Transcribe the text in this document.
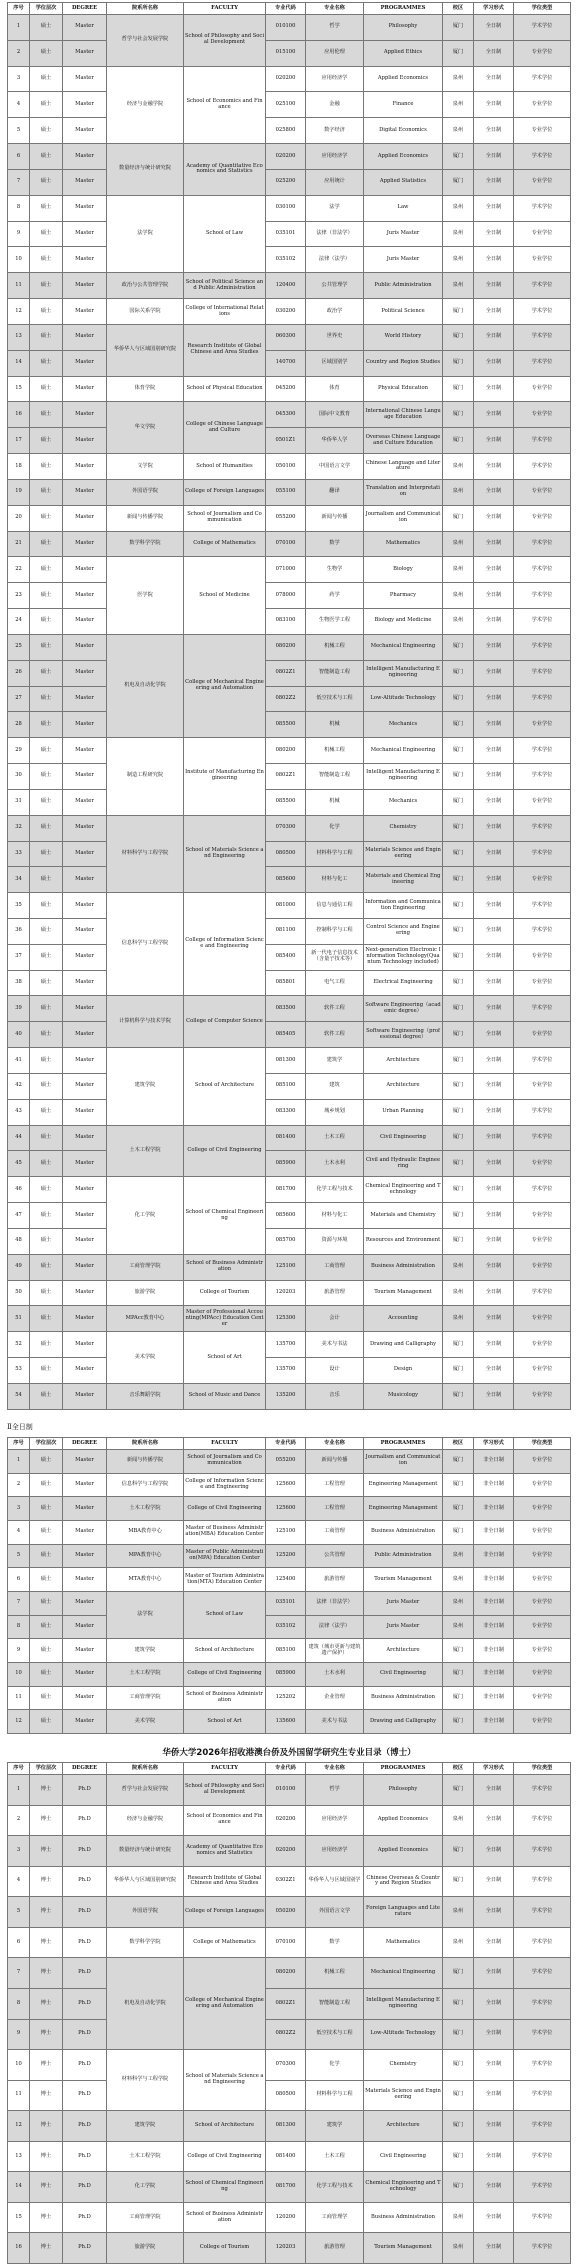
序号	学位层次	DEGREE	院系所名称	FACULTY	专业代码	专业名称	PROGRAMMES	校区	学习形式	学位类型
1	硕士	Master	哲学与社会发展学院	School of Philosophy and Social Development	010100	哲学	Philosophy	厦门	全日制	学术学位
2	硕士	Master			015100	应用伦理	Applied Ethics	厦门	全日制	专业学位
3	硕士	Master	经济与金融学院	School of Economics and Finance	020200	应用经济学	Applied Economics	泉州	全日制	学术学位
4	硕士	Master			025100	金融	Finance	泉州	全日制	专业学位
5	硕士	Master			025800	数字经济	Digital Economics	泉州	全日制	专业学位
6	硕士	Master	数量经济与统计研究院	Academy of Quantitative Economics and Statistics	020200	应用经济学	Applied Economics	厦门	全日制	学术学位
7	硕士	Master			025200	应用统计	Applied Statistics	厦门	全日制	专业学位
8	硕士	Master	法学院	School of Law	030100	法学	Law	泉州	全日制	学术学位
9	硕士	Master			035101	法律（非法学）	Juris Master	泉州	全日制	专业学位
10	硕士	Master			035102	法律（法学）	Juris Master	泉州	全日制	专业学位
11	硕士	Master	政治与公共管理学院	School of Political Science and Public Administration	120400	公共管理学	Public Administration	泉州	全日制	学术学位
12	硕士	Master	国际关系学院	College of International Relations	030200	政治学	Political Science	厦门	全日制	学术学位
13	硕士	Master	华侨华人与区域国别研究院	Research Institute of Global Chinese and Area Studies	060300	世界史	World History	厦门	全日制	学术学位
14	硕士	Master			140700	区域国别学	Country and Region Studies	厦门	全日制	学术学位
15	硕士	Master	体育学院	School of Physical Education	045200	体育	Physical Education	厦门	全日制	专业学位
16	硕士	Master	华文学院	College of Chinese Language and Culture	045300	国际中文教育	International Chinese Language Education	厦门	全日制	专业学位
17	硕士	Master			0501Z1	华侨华人学	Overseas Chinese Language and Culture Education	厦门	全日制	学术学位
18	硕士	Master	文学院	School of Humanities	050100	中国语言文学	Chinese Language and Literature	泉州	全日制	学术学位
19	硕士	Master	外国语学院	College of Foreign Languages	055100	翻译	Translation and Interpretation	泉州	全日制	专业学位
20	硕士	Master	新闻与传播学院	School of Journalism and Communication	055200	新闻与传播	Journalism and Communication	厦门	全日制	专业学位
21	硕士	Master	数学科学学院	College of Mathematics	070100	数学	Mathematics	泉州	全日制	学术学位
22	硕士	Master	医学院	School of Medicine	071000	生物学	Biology	泉州	全日制	学术学位
23	硕士	Master			078000	药学	Pharmacy	泉州	全日制	学术学位
24	硕士	Master			083100	生物医学工程	Biology and Medicine	泉州	全日制	学术学位
25	硕士	Master	机电及自动化学院	College of Mechanical Engineering and Automation	080200	机械工程	Mechanical Engineering	厦门	全日制	学术学位
26	硕士	Master			0802Z1	智能制造工程	Intelligent Manufacturing Engineering	厦门	全日制	学术学位
27	硕士	Master			0802Z2	低空技术与工程	Low-Altitude Technology	厦门	全日制	学术学位
28	硕士	Master			085500	机械	Mechanics	厦门	全日制	专业学位
29	硕士	Master	制造工程研究院	Institute of Manufacturing Engineering	080200	机械工程	Mechanical Engineering	厦门	全日制	学术学位
30	硕士	Master			0802Z1	智能制造工程	Intelligent Manufacturing Engineering	厦门	全日制	学术学位
31	硕士	Master			085500	机械	Mechanics	厦门	全日制	专业学位
32	硕士	Master	材料科学与工程学院	School of Materials Science and Engineering	070300	化学	Chemistry	厦门	全日制	学术学位
33	硕士	Master			080500	材料科学与工程	Materials Science and Engineering	厦门	全日制	学术学位
34	硕士	Master			085600	材料与化工	Materials and Chemical Engineering	厦门	全日制	专业学位
35	硕士	Master	信息科学与工程学院	College of Information Science and Engineering	081000	信息与通信工程	Information and Communication Engineering	厦门	全日制	学术学位
36	硕士	Master			081100	控制科学与工程	Control Science and Engineering	厦门	全日制	学术学位
37	硕士	Master			085400	新一代电子信息技术（含量子技术等）	Next-generation Electronic Information Technology(Quantum Technology included)	厦门	全日制	专业学位
38	硕士	Master			085801	电气工程	Electrical Engineering	厦门	全日制	专业学位
39	硕士	Master	计算机科学与技术学院	College of Computer Science	083500	软件工程	Software Engineering（academic degree）	厦门	全日制	学术学位
40	硕士	Master			085405	软件工程	Software Engineering（professional degree）	厦门	全日制	专业学位
41	硕士	Master	建筑学院	School of Architecture	081300	建筑学	Architecture	厦门	全日制	学术学位
42	硕士	Master			085100	建筑	Architecture	厦门	全日制	专业学位
43	硕士	Master			083300	城乡规划	Urban Planning	厦门	全日制	学术学位
44	硕士	Master	土木工程学院	College of Civil Engineering	081400	土木工程	Civil Engineering	厦门	全日制	学术学位
45	硕士	Master			085900	土木水利	Civil and Hydraulic Engineering	厦门	全日制	专业学位
46	硕士	Master	化工学院	School of Chemical Engineering	081700	化学工程与技术	Chemical Engineering and Technology	厦门	全日制	学术学位
47	硕士	Master			085600	材料与化工	Materials and Chemistry	厦门	全日制	专业学位
48	硕士	Master			085700	资源与环境	Resources and Environment	厦门	全日制	专业学位
49	硕士	Master	工商管理学院	School of Business Administration	125100	工商管理	Business Administration	泉州	全日制	专业学位
50	硕士	Master	旅游学院	College of Tourism	120203	旅游管理	Tourism Management	泉州	全日制	学术学位
51	硕士	Master	MPAcc教育中心	Master of Professional Accounting(MPAcc) Education Center	125300	会计	Accounting	泉州	全日制	专业学位
52	硕士	Master	美术学院	School of Art	135700	美术与书法	Drawing and Calligraphy	厦门	全日制	专业学位
53	硕士	Master			135700	设计	Design	厦门	全日制	专业学位
54	硕士	Master	音乐舞蹈学院	School of Music and Dance	135200	音乐	Musicology	厦门	全日制	专业学位
Ⅱ全日制
序号	学位层次	DEGREE	院系所名称	FACULTY	专业代码	专业名称	PROGRAMMES	校区	学习形式	学位类型
1	硕士	Master	新闻与传播学院	School of Journalism and Communication	055200	新闻与传播	Journalism and Communication	厦门	非全日制	专业学位
2	硕士	Master	信息科学与工程学院	College of Information Science and Engineering	125600	工程管理	Engineering Management	厦门	非全日制	专业学位
3	硕士	Master	土木工程学院	College of Civil Engineering	125600	工程管理	Engineering Management	厦门	非全日制	专业学位
4	硕士	Master	MBA教育中心	Master of Business Administration(MBA) Education Center	125100	工商管理	Business Administration	厦门	非全日制	专业学位
5	硕士	Master	MPA教育中心	Master of Public Administration(MPA) Education Center	125200	公共管理	Public Administration	泉州	非全日制	专业学位
6	硕士	Master	MTA教育中心	Master of Tourism Administration(MTA) Education Center	125400	旅游管理	Tourism Management	泉州	非全日制	专业学位
7	硕士	Master	法学院	School of Law	035101	法律（非法学）	Juris Master	泉州	非全日制	专业学位
8	硕士	Master			035102	法律（法学）	Juris Master	泉州	非全日制	专业学位
9	硕士	Master	建筑学院	School of Architecture	085100	建筑（城市更新与建筑遗产保护）	Architecture	厦门	非全日制	专业学位
10	硕士	Master	土木工程学院	College of Civil Engineering	085900	土木水利	Civil Engineering	厦门	非全日制	专业学位
11	硕士	Master	工商管理学院	School of Business Administration	125202	企业管理	Business Administration	厦门	非全日制	专业学位
12	硕士	Master	美术学院	School of Art	135600	美术与书法	Drawing and Calligraphy	厦门	非全日制	专业学位
华侨大学2026年招收港澳台侨及外国留学研究生专业目录（博士）
序号	学位层次	DEGREE	院系所名称	FACULTY	专业代码	专业名称	PROGRAMMES	校区	学习形式	学位类型
1	博士	Ph.D	哲学与社会发展学院	School of Philosophy and Social Development	010100	哲学	Philosophy	厦门	全日制	学术学位
2	博士	Ph.D	经济与金融学院	School of Economics and Finance	020200	应用经济学	Applied Economics	泉州	全日制	学术学位
3	博士	Ph.D	数量经济与统计研究院	Academy of Quantitative Economics and Statistics	020200	应用经济学	Applied Economics	厦门	全日制	学术学位
4	博士	Ph.D	华侨华人与区域国别研究院	Research Institute of Global Chinese and Area Studies	0302Z1	华侨华人与区域国别学	Chinese Overseas & Country and Region Studies	厦门	全日制	学术学位
5	博士	Ph.D	外国语学院	College of Foreign Languages	050200	外国语言文学	Foreign Languages and Literature	泉州	全日制	学术学位
6	博士	Ph.D	数学科学学院	College of Mathematics	070100	数学	Mathematics	泉州	全日制	学术学位
7	博士	Ph.D	机电及自动化学院	College of Mechanical Engineering and Automation	080200	机械工程	Mechanical Engineering	厦门	全日制	学术学位
8	博士	Ph.D			0802Z1	智能制造工程	Intelligent Manufacturing Engineering	厦门	全日制	学术学位
9	博士	Ph.D			0802Z2	低空技术与工程	Low-Altitude Technology	厦门	全日制	学术学位
10	博士	Ph.D	材料科学与工程学院	School of Materials Science and Engineering	070300	化学	Chemistry	厦门	全日制	学术学位
11	博士	Ph.D			080500	材料科学与工程	Materials Science and Engineering	厦门	全日制	学术学位
12	博士	Ph.D	建筑学院	School of Architecture	081300	建筑学	Architecture	厦门	全日制	学术学位
13	博士	Ph.D	土木工程学院	College of Civil Engineering	081400	土木工程	Civil Engineering	厦门	全日制	学术学位
14	博士	Ph.D	化工学院	School of Chemical Engineering	081700	化学工程与技术	Chemical Engineering and Technology	厦门	全日制	学术学位
15	博士	Ph.D	工商管理学院	School of Business Administration	120200	工商管理学	Business Administration	泉州	全日制	学术学位
16	博士	Ph.D	旅游学院	College of Tourism	120203	旅游管理	Tourism Management	泉州	全日制	学术学位
